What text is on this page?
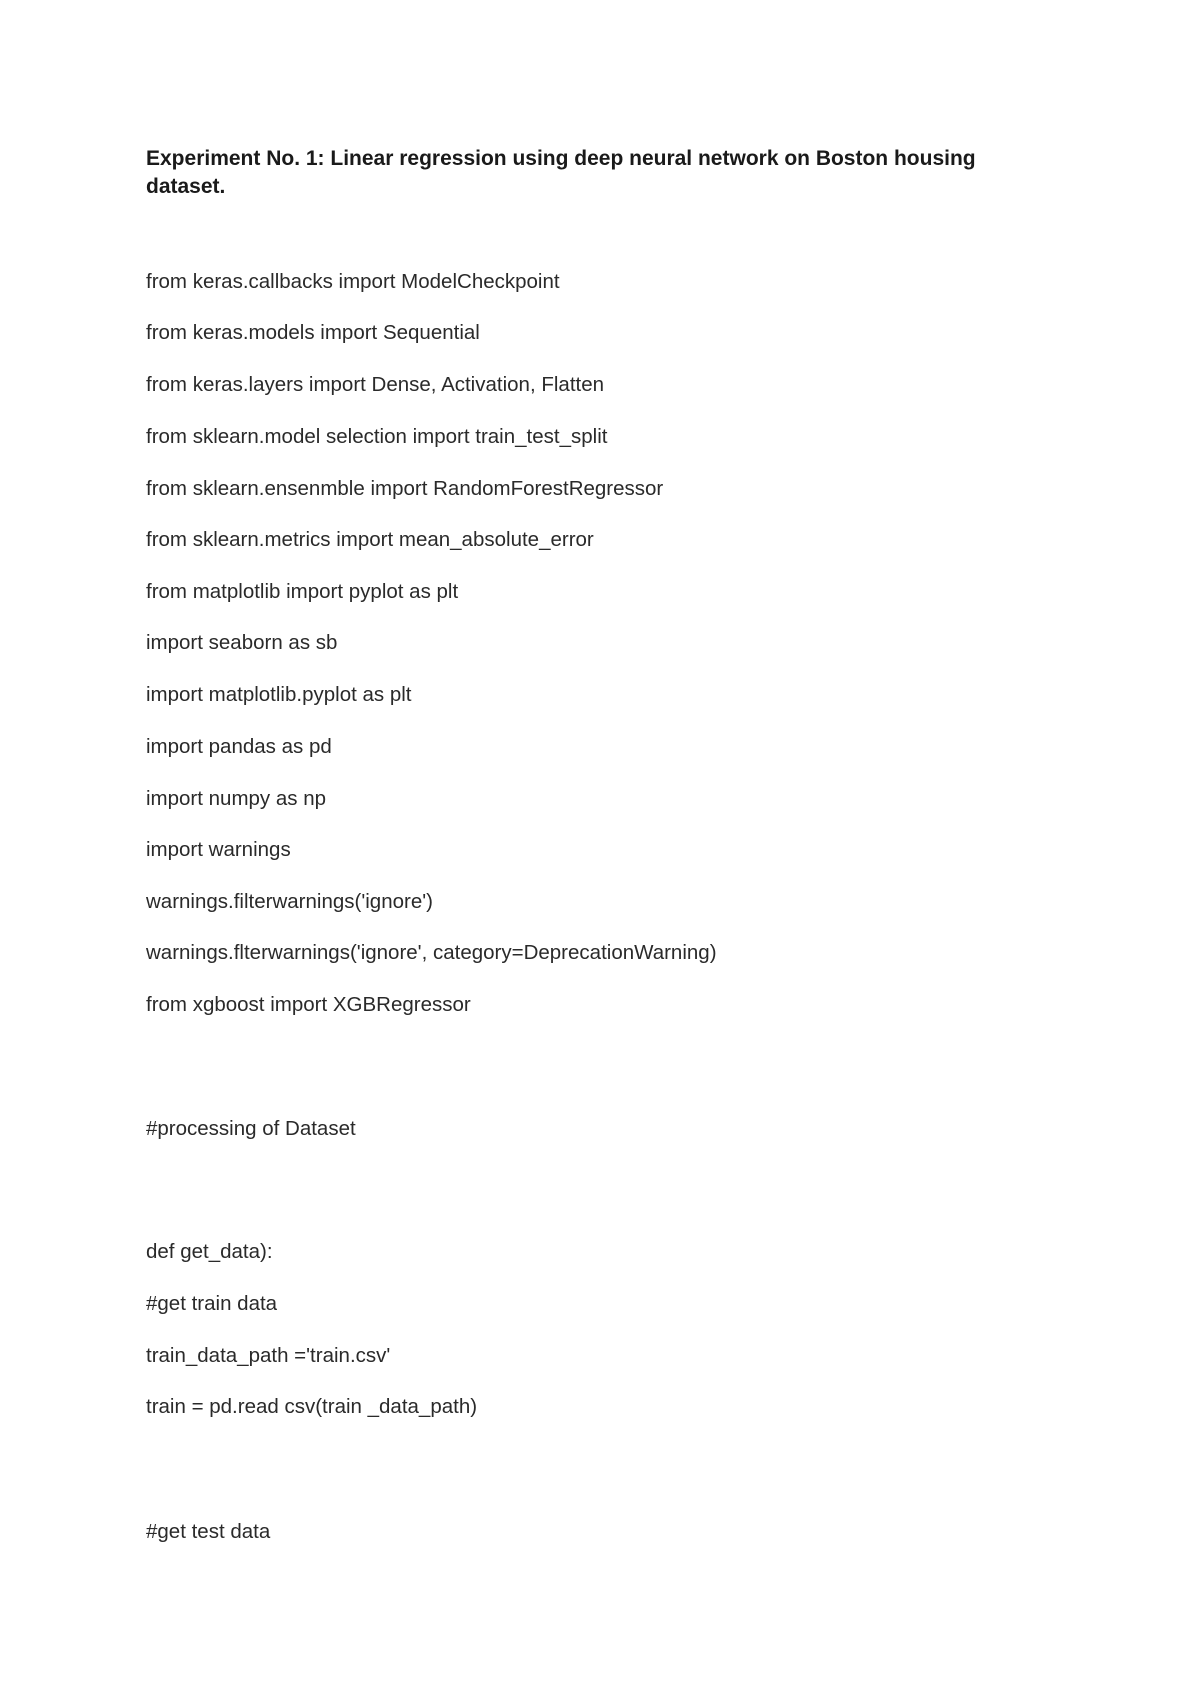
Experiment No. 1: Linear regression using deep neural network on Boston housing dataset.
from keras.callbacks import ModelCheckpoint
from keras.models import Sequential
from keras.layers import Dense, Activation, Flatten
from sklearn.model selection import train_test_split
from sklearn.ensenmble import RandomForestRegressor
from sklearn.metrics import mean_absolute_error
from matplotlib import pyplot as plt
import seaborn as sb
import matplotlib.pyplot as plt
import pandas as pd
import numpy as np
import warnings
warnings.filterwarnings('ignore')
warnings.flterwarnings('ignore', category=DeprecationWarning)
from xgboost import XGBRegressor
#processing of Dataset
def get_data):
#get train data
train_data_path ='train.csv'
train = pd.read csv(train _data_path)
#get test data
